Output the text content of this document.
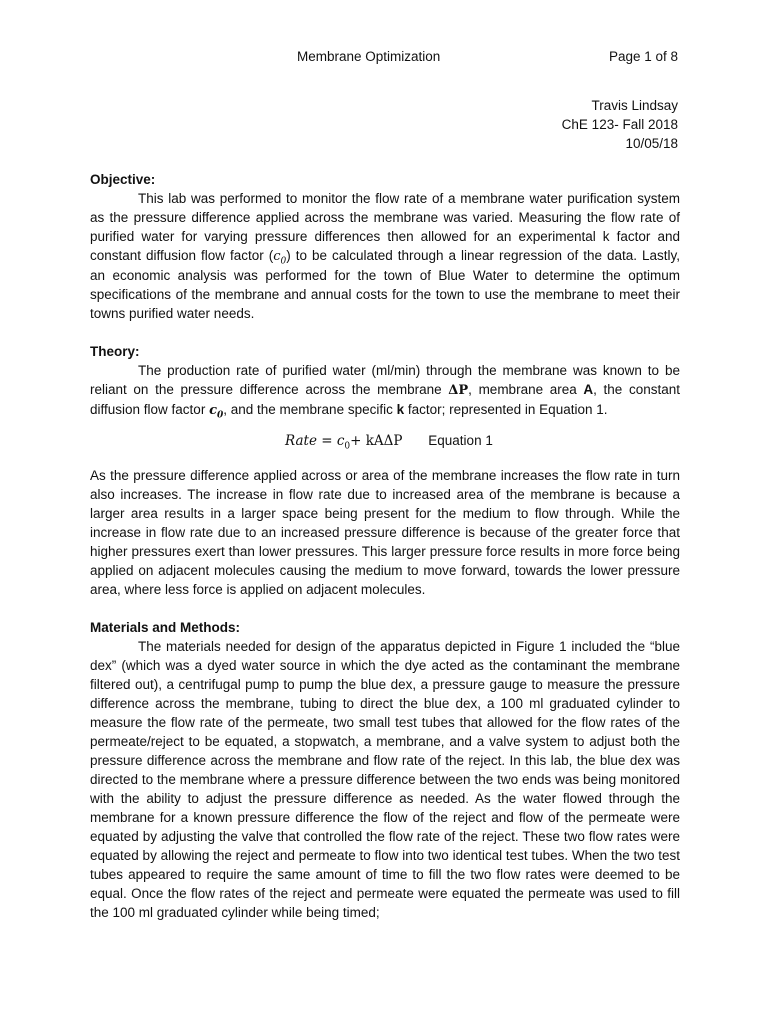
Membrane Optimization	Page 1 of 8
Travis Lindsay
ChE 123- Fall 2018
10/05/18

Objective:

This lab was performed to monitor the flow rate of a membrane water purification system as the pressure difference applied across the membrane was varied. Measuring the flow rate of purified water for varying pressure differences then allowed for an experimental k factor and constant diffusion flow factor $(c_0)$ to be calculated through a linear regression of the data. Lastly, an economic analysis was performed for the town of Blue Water to determine the optimum specifications of the membrane and annual costs for the town to use the membrane to meet their towns purified water needs.

Theory:

The production rate of purified water (ml/min) through the membrane was known to be reliant on the pressure difference across the membrane ΔP, membrane area A, the constant diffusion flow factor $c_0$, and the membrane specific k factor; represented in Equation 1.

Rate = $c_0+ kA\Delta P$ Equation 1

As the pressure difference applied across or area of the membrane increases the flow rate in turn also increases. The increase in flow rate due to increased area of the membrane is because a larger area results in a larger space being present for the medium to flow through. While the increase in flow rate due to an increased pressure difference is because of the greater force that higher pressures exert than lower pressures. This larger pressure force results in more force being applied on adjacent molecules causing the medium to move forward, towards the lower pressure area, where less force is applied on adjacent molecules.

Materials and Methods:

The materials needed for design of the apparatus depicted in Figure 1 included the “blue dex” (which was a dyed water source in which the dye acted as the contaminant the membrane filtered out), a centrifugal pump to pump the blue dex, a pressure gauge to measure the pressure difference across the membrane, tubing to direct the blue dex, a 100 ml graduated cylinder to measure the flow rate of the permeate, two small test tubes that allowed for the flow rates of the permeate/reject to be equated, a stopwatch, a membrane, and a valve system to adjust both the pressure difference across the membrane and flow rate of the reject. In this lab, the blue dex was directed to the membrane where a pressure difference between the two ends was being monitored with the ability to adjust the pressure difference as needed. As the water flowed through the membrane for a known pressure difference the flow of the reject and flow of the permeate were equated by adjusting the valve that controlled the flow rate of the reject. These two flow rates were equated by allowing the reject and permeate to flow into two identical test tubes. When the two test tubes appeared to require the same amount of time to fill the two flow rates were deemed to be equal. Once the flow rates of the reject and permeate were equated the permeate was used to fill the 100 ml graduated cylinder while being timed;
